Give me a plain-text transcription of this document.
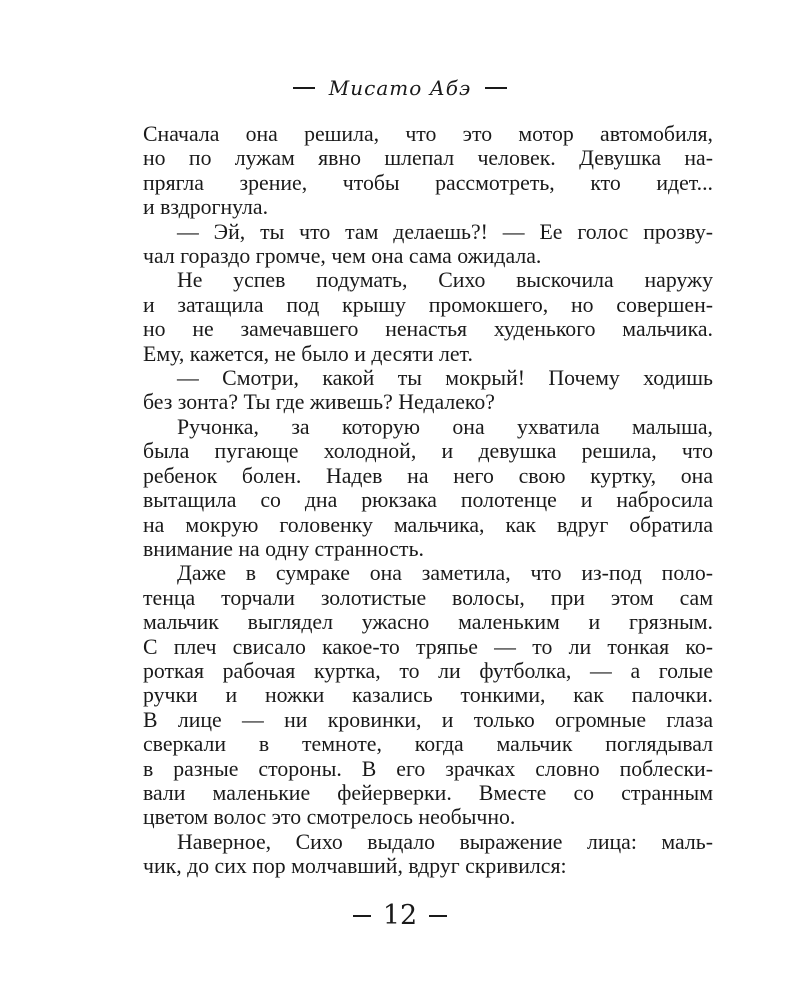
Мисато Абэ
Сначала она решила, что это мотор автомобиля,
но по лужам явно шлепал человек. Девушка на-
прягла зрение, чтобы рассмотреть, кто идет...
и вздрогнула.
— Эй, ты что там делаешь?! — Ее голос прозву-
чал гораздо громче, чем она сама ожидала.
Не успев подумать, Сихо выскочила наружу
и затащила под крышу промокшего, но совершен-
но не замечавшего ненастья худенького мальчика.
Ему, кажется, не было и десяти лет.
— Смотри, какой ты мокрый! Почему ходишь
без зонта? Ты где живешь? Недалеко?
Ручонка, за которую она ухватила малыша,
была пугающе холодной, и девушка решила, что
ребенок болен. Надев на него свою куртку, она
вытащила со дна рюкзака полотенце и набросила
на мокрую головенку мальчика, как вдруг обратила
внимание на одну странность.
Даже в сумраке она заметила, что из-под поло-
тенца торчали золотистые волосы, при этом сам
мальчик выглядел ужасно маленьким и грязным.
С плеч свисало какое-то тряпье — то ли тонкая ко-
роткая рабочая куртка, то ли футболка, — а голые
ручки и ножки казались тонкими, как палочки.
В лице — ни кровинки, и только огромные глаза
сверкали в темноте, когда мальчик поглядывал
в разные стороны. В его зрачках словно поблески-
вали маленькие фейерверки. Вместе со странным
цветом волос это смотрелось необычно.
Наверное, Сихо выдало выражение лица: маль-
чик, до сих пор молчавший, вдруг скривился:
12
